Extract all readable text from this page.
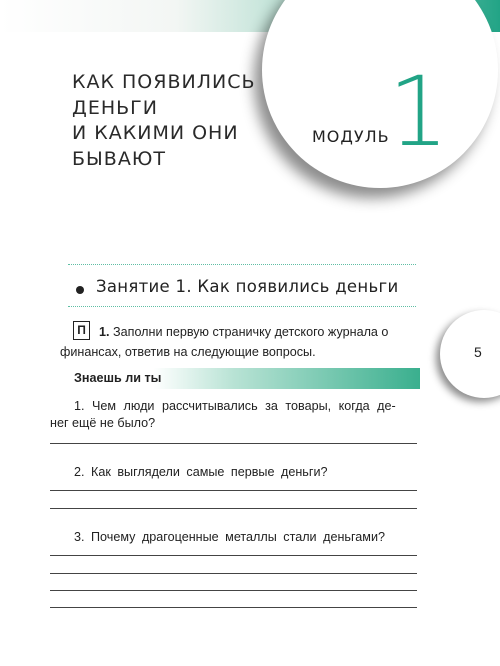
КАК ПОЯВИЛИСЬ
ДЕНЬГИ
И КАКИМИ ОНИ
БЫВАЮТ
МОДУЛЬ
1
Занятие 1. Как появились деньги
5

1. Заполни первую страничку детского журнала о финансах, ответив на следующие вопросы.

П
Знаешь ли ты

1. Чем люди рассчитывались за товары, когда де-

нег ещё не было?

2. Как выглядели самые первые деньги?

3. Почему драгоценные металлы стали деньгами?
